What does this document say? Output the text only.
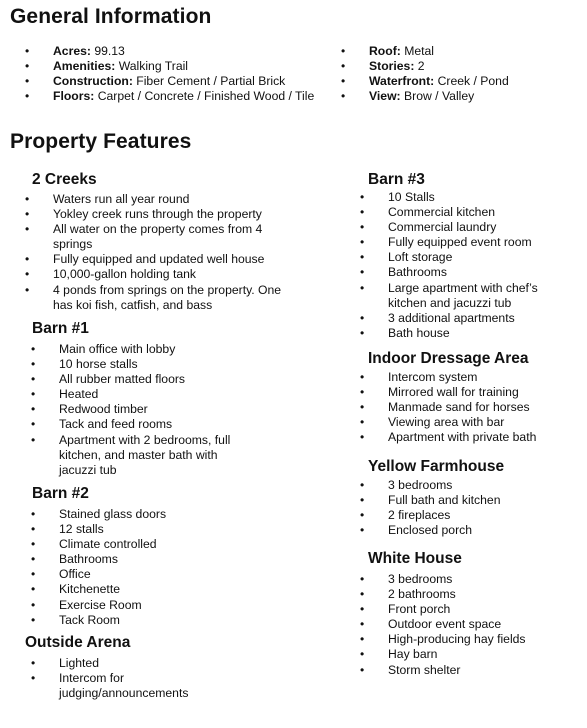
General Information
• Acres: 99.13
• Amenities: Walking Trail
• Construction: Fiber Cement / Partial Brick
• Floors: Carpet / Concrete / Finished Wood / Tile
• Roof: Metal
• Stories: 2
• Waterfront: Creek / Pond
• View: Brow / Valley
Property Features
2 Creeks
• Waters run all year round
• Yokley creek runs through the property
• All water on the property comes from 4
springs
• Fully equipped and updated well house
• 10,000-gallon holding tank
• 4 ponds from springs on the property. One
has koi fish, catfish, and bass
Barn #1
• Main office with lobby
• 10 horse stalls
• All rubber matted floors
• Heated
• Redwood timber
• Tack and feed rooms
• Apartment with 2 bedrooms, full
kitchen, and master bath with
jacuzzi tub
Barn #2
• Stained glass doors
• 12 stalls
• Climate controlled
• Bathrooms
• Office
• Kitchenette
• Exercise Room
• Tack Room
Outside Arena
• Lighted
• Intercom for
judging/announcements
Barn #3
• 10 Stalls
• Commercial kitchen
• Commercial laundry
• Fully equipped event room
• Loft storage
• Bathrooms
• Large apartment with chef’s
kitchen and jacuzzi tub
• 3 additional apartments
• Bath house
Indoor Dressage Area
• Intercom system
• Mirrored wall for training
• Manmade sand for horses
• Viewing area with bar
• Apartment with private bath
Yellow Farmhouse
• 3 bedrooms
• Full bath and kitchen
• 2 fireplaces
• Enclosed porch
White House
• 3 bedrooms
• 2 bathrooms
• Front porch
• Outdoor event space
• High-producing hay fields
• Hay barn
• Storm shelter
